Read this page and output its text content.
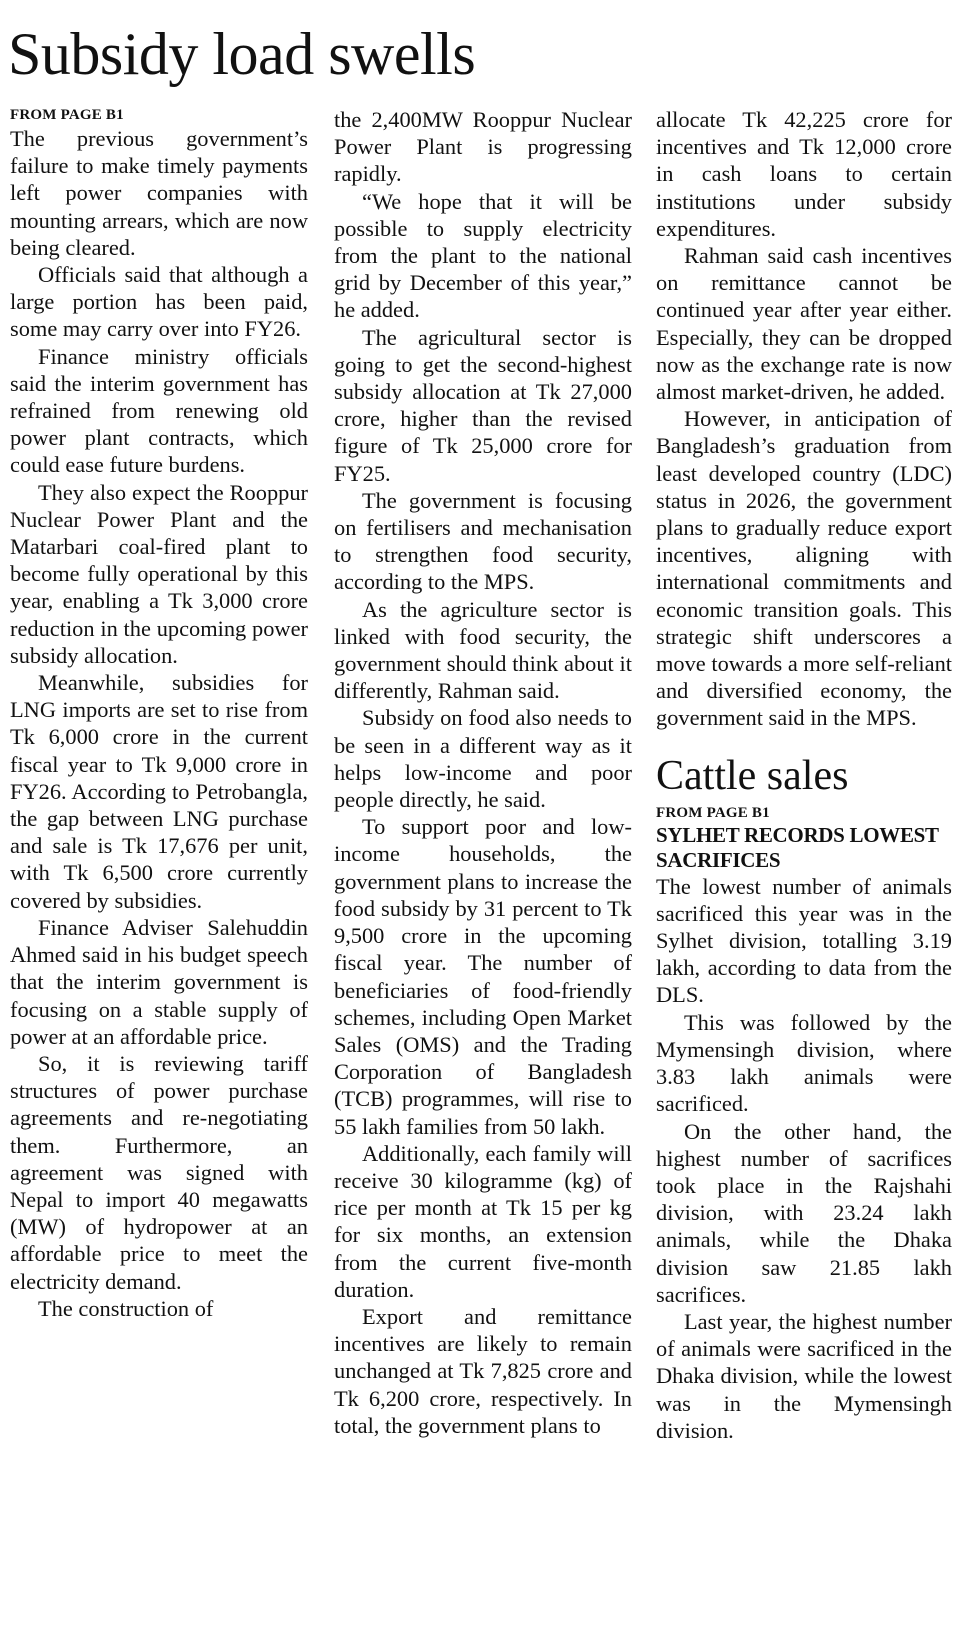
Subsidy load swells
FROM PAGE B1

The previous government’s failure to make timely payments left power companies with mounting arrears, which are now being cleared.

Officials said that although a large portion has been paid, some may carry over into FY26.

Finance ministry officials said the interim government has refrained from renewing old power plant contracts, which could ease future burdens.

They also expect the Rooppur Nuclear Power Plant and the Matarbari coal-fired plant to become fully operational by this year, enabling a Tk 3,000 crore reduction in the upcoming power subsidy allocation.

Meanwhile, subsidies for LNG imports are set to rise from Tk 6,000 crore in the current fiscal year to Tk 9,000 crore in FY26. According to Petrobangla, the gap between LNG purchase and sale is Tk 17,676 per unit, with Tk 6,500 crore currently covered by subsidies.

Finance Adviser Salehuddin Ahmed said in his budget speech that the interim government is focusing on a stable supply of power at an affordable price.

So, it is reviewing tariff structures of power purchase agreements and re-negotiating them. Furthermore, an agreement was signed with Nepal to import 40 megawatts (MW) of hydropower at an affordable price to meet the electricity demand.

The construction of

the 2,400MW Rooppur Nuclear Power Plant is progressing rapidly.

“We hope that it will be possible to supply electricity from the plant to the national grid by December of this year,” he added.

The agricultural sector is going to get the second-highest subsidy allocation at Tk 27,000 crore, higher than the revised figure of Tk 25,000 crore for FY25.

The government is focusing on fertilisers and mechanisation to strengthen food security, according to the MPS.

As the agriculture sector is linked with food security, the government should think about it differently, Rahman said.

Subsidy on food also needs to be seen in a different way as it helps low-income and poor people directly, he said.

To support poor and low-income households, the government plans to increase the food subsidy by 31 percent to Tk 9,500 crore in the upcoming fiscal year. The number of beneficiaries of food-friendly schemes, including Open Market Sales (OMS) and the Trading Corporation of Bangladesh (TCB) programmes, will rise to 55 lakh families from 50 lakh.

Additionally, each family will receive 30 kilogramme (kg) of rice per month at Tk 15 per kg for six months, an extension from the current five-month duration.

Export and remittance incentives are likely to remain unchanged at Tk 7,825 crore and Tk 6,200 crore, respectively. In total, the government plans to

allocate Tk 42,225 crore for incentives and Tk 12,000 crore in cash loans to certain institutions under subsidy expenditures.

Rahman said cash incentives on remittance cannot be continued year after year either. Especially, they can be dropped now as the exchange rate is now almost market-driven, he added.

However, in anticipation of Bangladesh’s graduation from least developed country (LDC) status in 2026, the government plans to gradually reduce export incentives, aligning with international commitments and economic transition goals. This strategic shift underscores a move towards a more self-reliant and diversified economy, the government said in the MPS.

Cattle sales
FROM PAGE B1
SYLHET RECORDS LOWEST SACRIFICES

The lowest number of animals sacrificed this year was in the Sylhet division, totalling 3.19 lakh, according to data from the DLS.

This was followed by the Mymensingh division, where 3.83 lakh animals were sacrificed.

On the other hand, the highest number of sacrifices took place in the Rajshahi division, with 23.24 lakh animals, while the Dhaka division saw 21.85 lakh sacrifices.

Last year, the highest number of animals were sacrificed in the Dhaka division, while the lowest was in the Mymensingh division.
